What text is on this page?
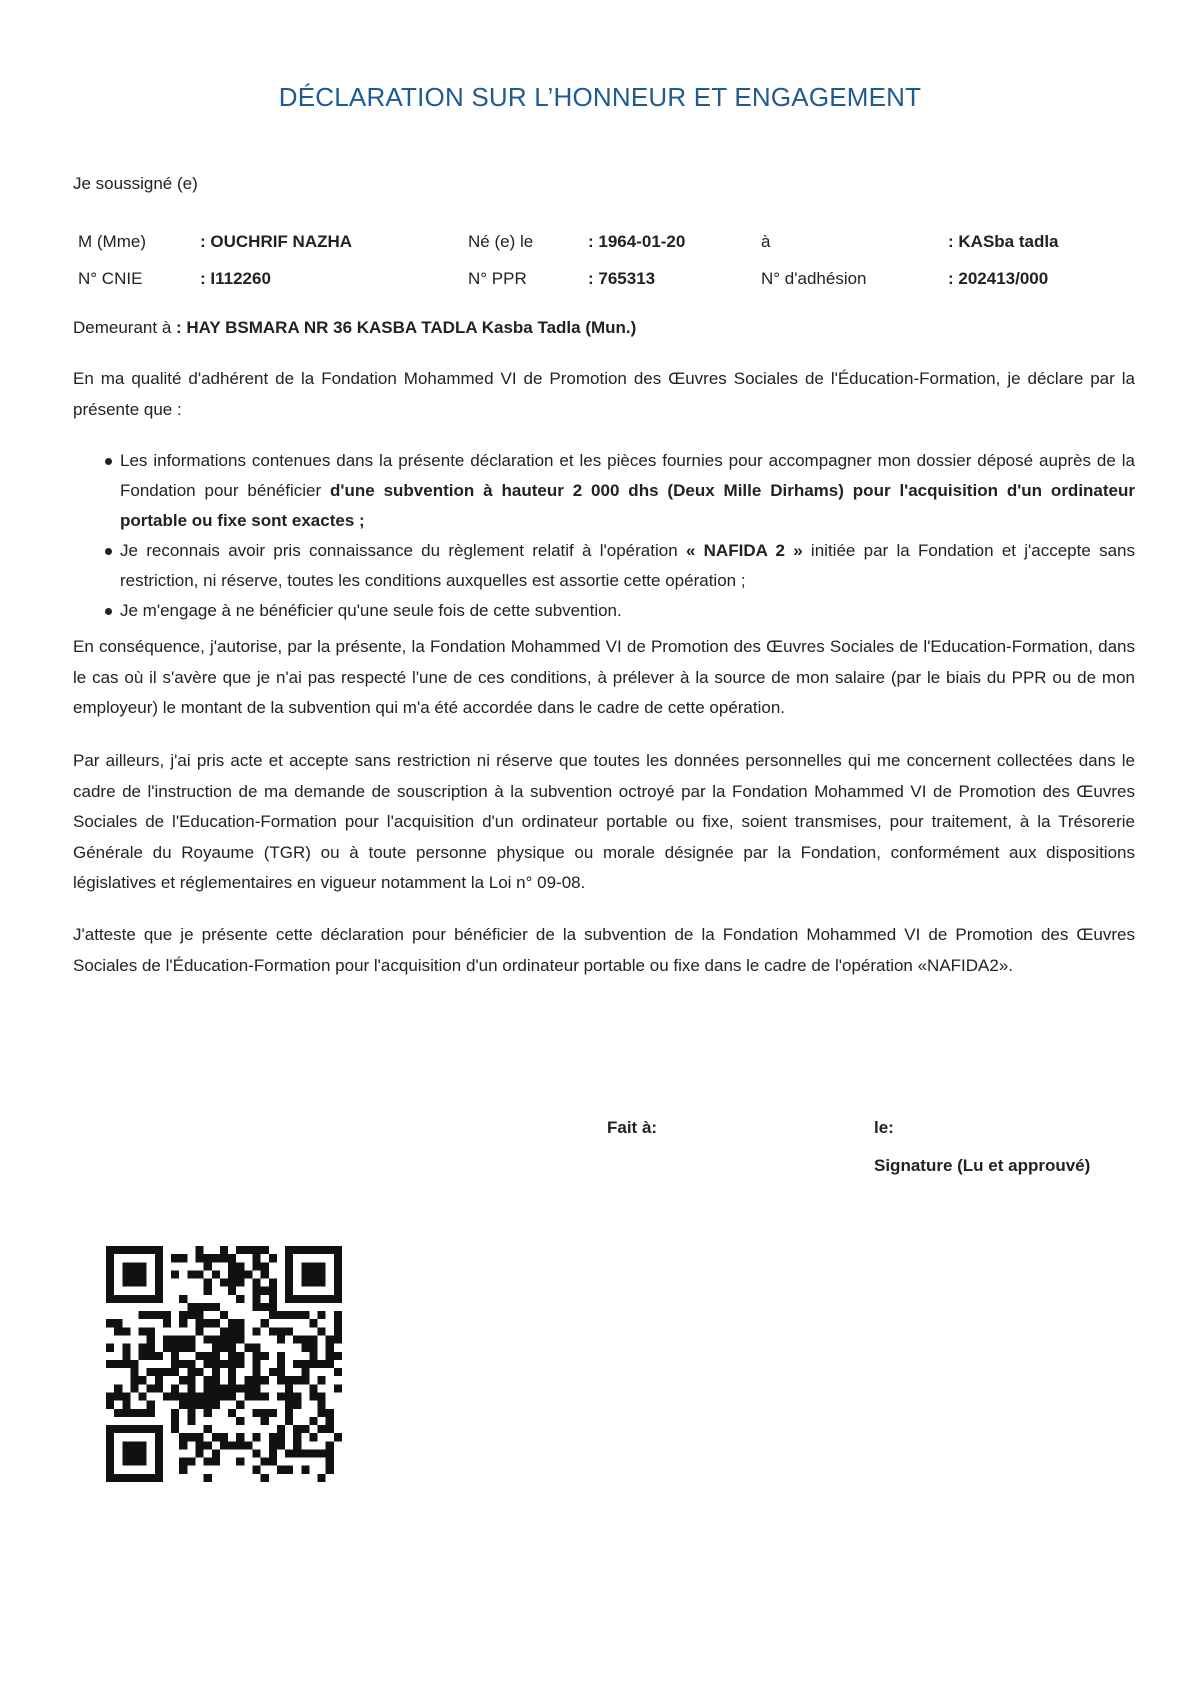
DÉCLARATION SUR L’HONNEUR ET ENGAGEMENT
Je soussigné (e)
M (Mme)	: OUCHRIF NAZHA	Né (e) le	: 1964-01-20	à	: KASba tadla
N° CNIE	: I112260	N° PPR	: 765313	N° d'adhésion	: 202413/000
Demeurant à : HAY BSMARA NR 36 KASBA TADLA Kasba Tadla (Mun.)

En ma qualité d'adhérent de la Fondation Mohammed VI de Promotion des Œuvres Sociales de l'Éducation-Formation, je déclare par la présente que :

Les informations contenues dans la présente déclaration et les pièces fournies pour accompagner mon dossier déposé auprès de la Fondation pour bénéficier d'une subvention à hauteur 2 000 dhs (Deux Mille Dirhams) pour l'acquisition d'un ordinateur portable ou fixe sont exactes ;
Je reconnais avoir pris connaissance du règlement relatif à l'opération « NAFIDA 2 » initiée par la Fondation et j'accepte sans restriction, ni réserve, toutes les conditions auxquelles est assortie cette opération ;
Je m'engage à ne bénéficier qu'une seule fois de cette subvention.

En conséquence, j'autorise, par la présente, la Fondation Mohammed VI de Promotion des Œuvres Sociales de l'Education-Formation, dans le cas où il s'avère que je n'ai pas respecté l'une de ces conditions, à prélever à la source de mon salaire (par le biais du PPR ou de mon employeur) le montant de la subvention qui m'a été accordée dans le cadre de cette opération.

Par ailleurs, j'ai pris acte et accepte sans restriction ni réserve que toutes les données personnelles qui me concernent collectées dans le cadre de l'instruction de ma demande de souscription à la subvention octroyé par la Fondation Mohammed VI de Promotion des Œuvres Sociales de l'Education-Formation pour l'acquisition d'un ordinateur portable ou fixe, soient transmises, pour traitement, à la Trésorerie Générale du Royaume (TGR) ou à toute personne physique ou morale désignée par la Fondation, conformément aux dispositions législatives et réglementaires en vigueur notamment la Loi n° 09-08.

J'atteste que je présente cette déclaration pour bénéficier de la subvention de la Fondation Mohammed VI de Promotion des Œuvres Sociales de l'Éducation-Formation pour l'acquisition d'un ordinateur portable ou fixe dans le cadre de l'opération «NAFIDA2».

Fait à:	le:
Signature (Lu et approuvé)
